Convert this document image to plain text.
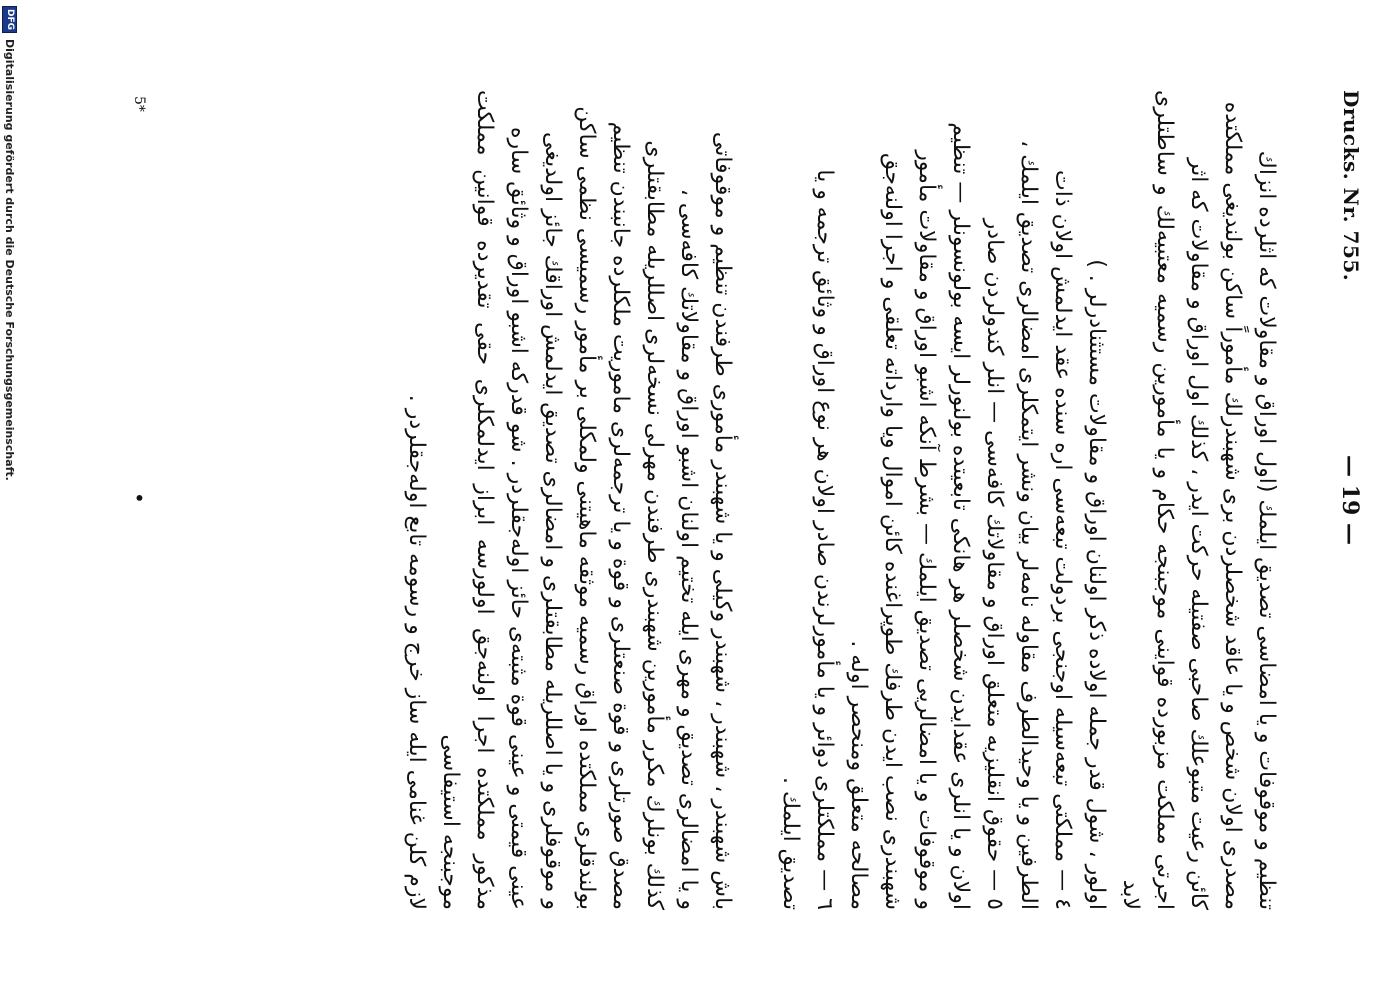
Drucks. Nr. 755.
— 19 —

تنظیم و موقوفات و یا امضاسی تصدیق ایلمك (اول اوراق و مقاولات که اثلرده انزاك

مصدری اولان شخص و یا عاقد شخصلردن بری شهبندرلك مأموراً ساکن بولندیغی مملکتده

کائن رعیت متبوعلك صاحبی صفتیله حرکت ایدر ، کذلك اول اوراق و مقاولات که اثر

اجرتی مملکت مزبورده قواینی موجبنجه حکام و یا مأمورین رسمیه معتبیه‌لك و ساطتلری لابد

اولور ، شول قدر جمله اولاده ذکر اولنان اوراق و مقاولات مستثنادرلر . )

٤ — مملکتی تبعه‌سیله اوجنجی بردولت تبعه‌سی اره سنده عقد ایدلمش اولان ذات

الطرفین و یا وحیدالطرف مقاوله نامه‌لر بیان ونشر ایتمکلری امضالری تصدیق ایلمك ،

٥ — حقوق انقلیزیه متعلق اوراق و مقاولاتك کافه‌سی — انلر کندولردن صادر

اولان و یا انلری عقدایدن شخصلر هر هانکی تابعیتده بولنورلر ایسه بولونسونلر — تنظیم

و موقوفات و یا امضالریی تصدیق ایلمك — بشرط آنکه اشبو اوراق و مقاولات مأمور

شهبندری نصب ایدن طرفك طوپراغنده کائن اموال ویا وارداته تعلقی و اجرا اولنه‌جق

مصالحه متعلق ومنحصر اوله .

٦ — مملکتلری دوائر و یا مأمورلرندن صادر اولان هر نوع اوراق و وثائق ترجمه و یا

تصدیق ایلمك .

باش شهبندر ، شهبندر ، شهبندر وکیلی و یا شهبندر مأموری طرفندن تنظیم و موقوفاتی

و یا امضالری تصدیق و مهری ایله تختیم اولنان اشبو اوراق و مقاولاتك کافه‌سی ،

کذلك بونلرك مکرر مأمورین شهبندری طرفندن مهرلی نسخه‌لری اصللریله مطابقتلری

مصدق صورتلری و قوة صنعتلری و قوة و یا ترجمه‌لری ماموریت ملکلرده جانبندن تنظیم

بولندقلری مملکتده اوراق رسمیه موثقه ماهیتنی ولمکلی بر مأمور رسمیسی نظمی ساکن

و موقوفلری و یا اصللریله مطابقتلری و امضالری تصدیق ایدلمش اوراقك جائز اولدیغی

عینی قیمتی و عینی قوة مثبته‌ی حائز اوله‌جقلردر . شو قدرکه اشبو اوراق و وثائق ساره

مذکور مملکتده اجرا اولنه‌جق اولورسه ابراز ایدلمکلری حقی تقدیرده قوانین مملکت موجبنجه استیفاسی

لازم کلن غنامی ایله ساز خرج و رسومه تابع اوله‌جقلردر .

5*
•
DFG
Digitalisierung gefördert durch die Deutsche Forschungsgemeinschaft.
